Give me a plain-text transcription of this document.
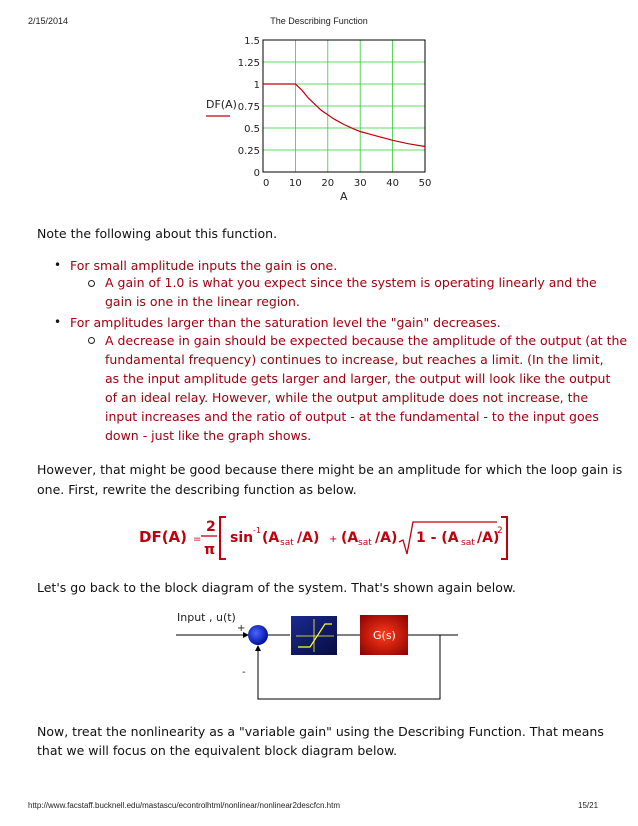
2/15/2014	The Describing Function
0
0.25
0.5
0.75
1
1.25
1.5
0 10 20 30 40 50
DF(A)
A
Note the following about this function.
• For small amplitude inputs the gain is one.
A gain of 1.0 is what you expect since the system is operating linearly and the
gain is one in the linear region.
• For amplitudes larger than the saturation level the "gain" decreases.
A decrease in gain should be expected because the amplitude of the output (at the
fundamental frequency) continues to increase, but reaches a limit. (In the limit,
as the input amplitude gets larger and larger, the output will look like the output
of an ideal relay. However, while the output amplitude does not increase, the
input increases and the ratio of output - at the fundamental - to the input goes
down - just like the graph shows.
However, that might be good because there might be an amplitude for which the loop gain is
one. First, rewrite the describing function as below.
DF(A) =
2
π
sin -1 (A sat /A) + (A sat /A) 1 - (A sat /A)
2
Let's go back to the block diagram of the system. That's shown again below.
Input , u(t)
+
G(s)
-
Now, treat the nonlinearity as a "variable gain" using the Describing Function. That means
that we will focus on the equivalent block diagram below.
http://www.facstaff.bucknell.edu/mastascu/econtrolhtml/nonlinear/nonlinear2descfcn.htm	15/21
